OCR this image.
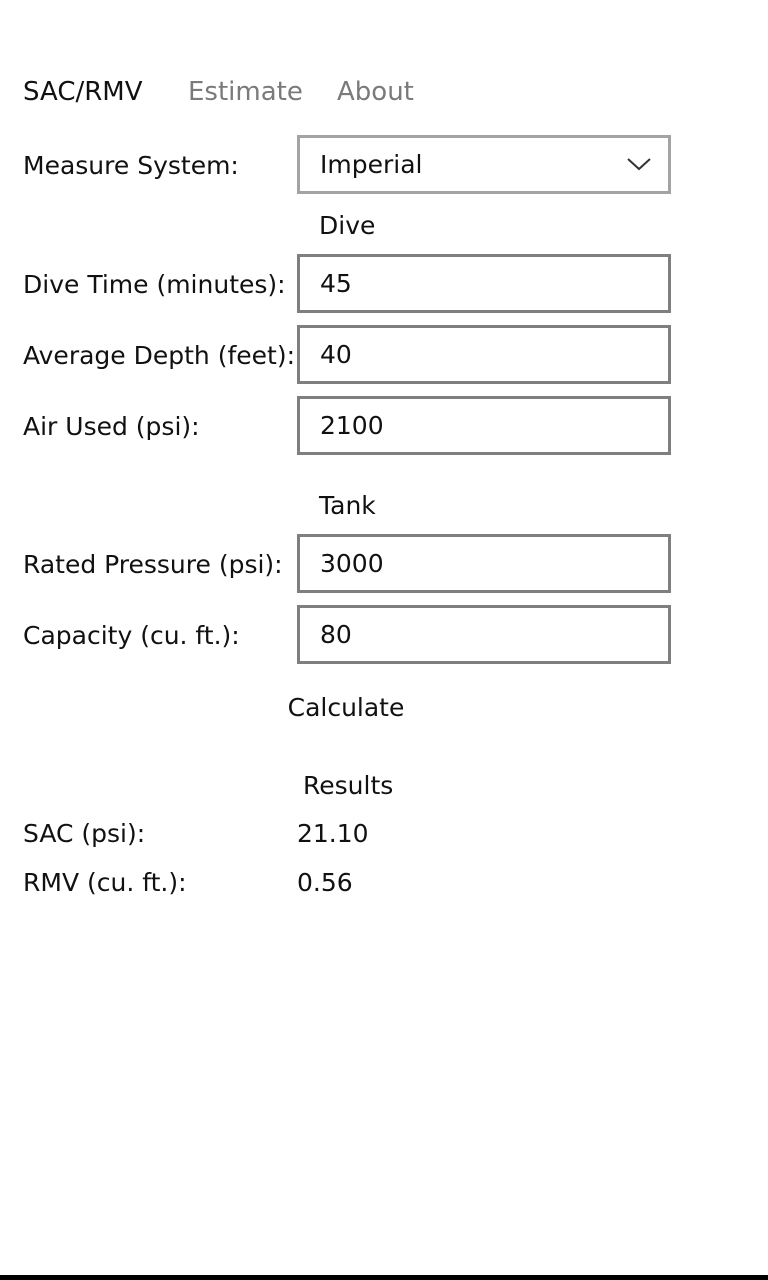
SAC/RMV Estimate About
Measure System:	Imperial
Dive
Dive Time (minutes):
45
Average Depth (feet):
40
Air Used (psi):
2100
Tank
Rated Pressure (psi):
3000
Capacity (cu. ft.):
80
Calculate
Results
SAC (psi):	21.10
RMV (cu. ft.):	0.56
